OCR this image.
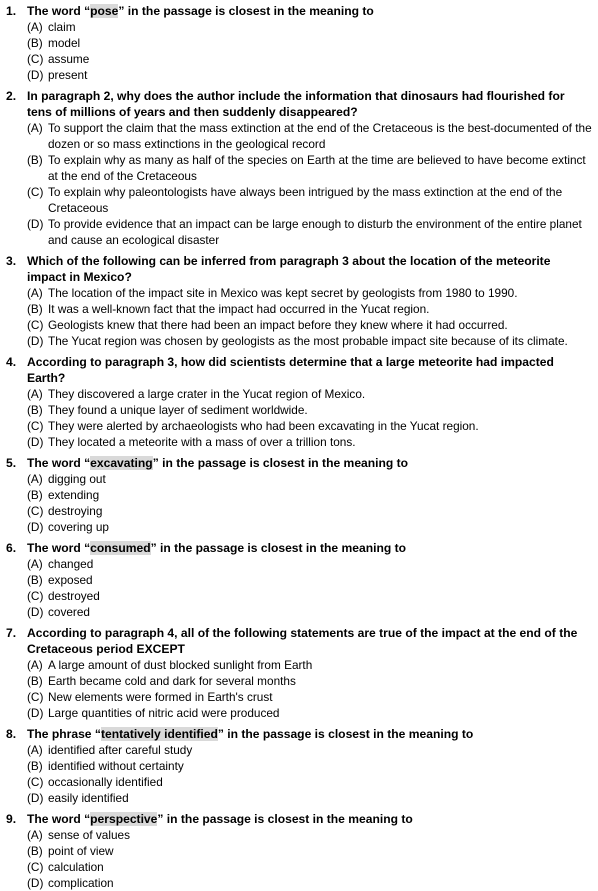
1. The word “pose” in the passage is closest in the meaning to
(A) claim
(B) model
(C) assume
(D) present
2. In paragraph 2, why does the author include the information that dinosaurs had flourished for tens of millions of years and then suddenly disappeared?
(A) To support the claim that the mass extinction at the end of the Cretaceous is the best-documented of the dozen or so mass extinctions in the geological record
(B) To explain why as many as half of the species on Earth at the time are believed to have become extinct at the end of the Cretaceous
(C) To explain why paleontologists have always been intrigued by the mass extinction at the end of the Cretaceous
(D) To provide evidence that an impact can be large enough to disturb the environment of the entire planet and cause an ecological disaster
3. Which of the following can be inferred from paragraph 3 about the location of the meteorite impact in Mexico?
(A) The location of the impact site in Mexico was kept secret by geologists from 1980 to 1990.
(B) It was a well-known fact that the impact had occurred in the Yucat region.
(C) Geologists knew that there had been an impact before they knew where it had occurred.
(D) The Yucat region was chosen by geologists as the most probable impact site because of its climate.
4. According to paragraph 3, how did scientists determine that a large meteorite had impacted Earth?
(A) They discovered a large crater in the Yucat region of Mexico.
(B) They found a unique layer of sediment worldwide.
(C) They were alerted by archaeologists who had been excavating in the Yucat region.
(D) They located a meteorite with a mass of over a trillion tons.
5. The word “excavating” in the passage is closest in the meaning to
(A) digging out
(B) extending
(C) destroying
(D) covering up
6. The word “consumed” in the passage is closest in the meaning to
(A) changed
(B) exposed
(C) destroyed
(D) covered
7. According to paragraph 4, all of the following statements are true of the impact at the end of the Cretaceous period EXCEPT
(A) A large amount of dust blocked sunlight from Earth
(B) Earth became cold and dark for several months
(C) New elements were formed in Earth's crust
(D) Large quantities of nitric acid were produced
8. The phrase “tentatively identified” in the passage is closest in the meaning to
(A) identified after careful study
(B) identified without certainty
(C) occasionally identified
(D) easily identified
9. The word “perspective” in the passage is closest in the meaning to
(A) sense of values
(B) point of view
(C) calculation
(D) complication
